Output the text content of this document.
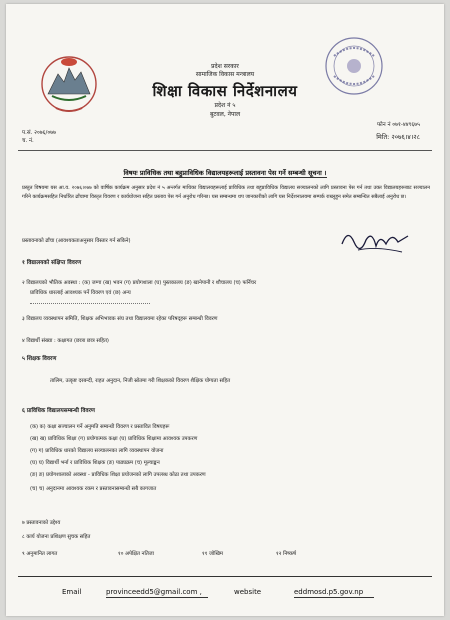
प्रदेश सरकार
सामाजिक विकास मन्त्रालय
शिक्षा विकास निर्देशनालय
प्रदेश नं ५
बुटवल, नेपाल
प.सं. २०७६/०७७
च. नं.
फोन नं ०७१-४४९६७५
मिति: २०७६।४।२८
विषयः प्राविधिक तथा बहुप्राविधिक विद्यालयहरूलाई प्रस्तावना पेस गर्ने सम्बन्धी सूचना ।
प्रस्तुत विषयमा यस आ.व. २०७६।०७७ को वार्षिक कार्यक्रम अनुसार प्रदेश नं ५ अन्तर्गत माथिका विद्यालयहरूलाई प्राविधिक तथा बहुप्राविधिक विद्यालय सञ्चालनको लागि प्रस्तावना पेस गर्न तथा उक्त विद्यालयहरूबाट सञ्चालन गरिने कार्यक्रमसहित निर्धारित ढाँचामा विस्तृत विवरण र कार्ययोजना सहित प्रस्ताव पेस गर्न अनुरोध गरिन्छ। यस सम्बन्धमा थप जानकारीको लागि यस निर्देशनालयमा सम्पर्क राख्नुहुन समेत सम्बन्धित सबैलाई अनुरोध छ।
प्रस्तावनाको ढाँचा (आवश्यकताअनुसार विस्तार गर्न सकिने)
१ विद्यालयको संक्षिप्त विवरण
२ विद्यालयको भौतिक अवस्था : (क) जग्गा (ख) भवन (ग) प्रयोगशाला (घ) पुस्तकालय (ङ) खानेपानी र शौचालय (च) फर्निचर
प्राविधिक धारलाई आवश्यक पर्ने विवरण एवं (छ) अन्य
३ विद्यालय व्यवस्थापन समिति, शिक्षक अभिभावक संघ तथा विद्यालयमा रहेका परिषद्हरू सम्बन्धी विवरण
४ विद्यार्थी संख्या : कक्षागत (छात्रा छात्र सहित)
५ शिक्षक विवरण
तालिम, उत्कृष्ट दरबन्दी, राहत अनुदान, निजी स्रोतमा गरी शिक्षकको विवरण शैक्षिक योग्यता सहित
६ प्राविधिक विद्यालयसम्बन्धी विवरण
(क) क) कक्षा सञ्चालन गर्ने अनुमति सम्बन्धी विवरण र प्रस्तावित विषयहरू
(ख) ख) प्राविधिक शिक्षा (ग) प्रयोगात्मक कक्षा (घ) प्राविधिक शिक्षामा आवश्यक उपकरण
(ग) ग) प्राविधिक धारको विद्यालय सञ्चालनका लागि व्यवस्थापन योजना
(घ) घ) विद्यार्थी भर्ना र प्राविधिक शिक्षक (ङ) पाठ्यक्रम (च) मूल्याङ्कन
(ङ) ङ) प्रयोगशालाको अवस्था - प्राविधिक शिक्षा प्रयोजनको लागि उपलब्ध कोठा तथा उपकरण
(च) च) अनुदानमा आवश्यक रकम र प्रस्तावनासम्बन्धी सबै कागजात
७ प्रस्तावनाको उद्देश्य
८ कार्य योजना प्रशिक्षण सुचक सहित
९ अनुमानित लागत	१० अपेक्षित नतिजा	११ जोखिम	१२ निष्कर्ष
Email	provinceedd5@gmail.com ,	website	eddmosd.p5.gov.np
